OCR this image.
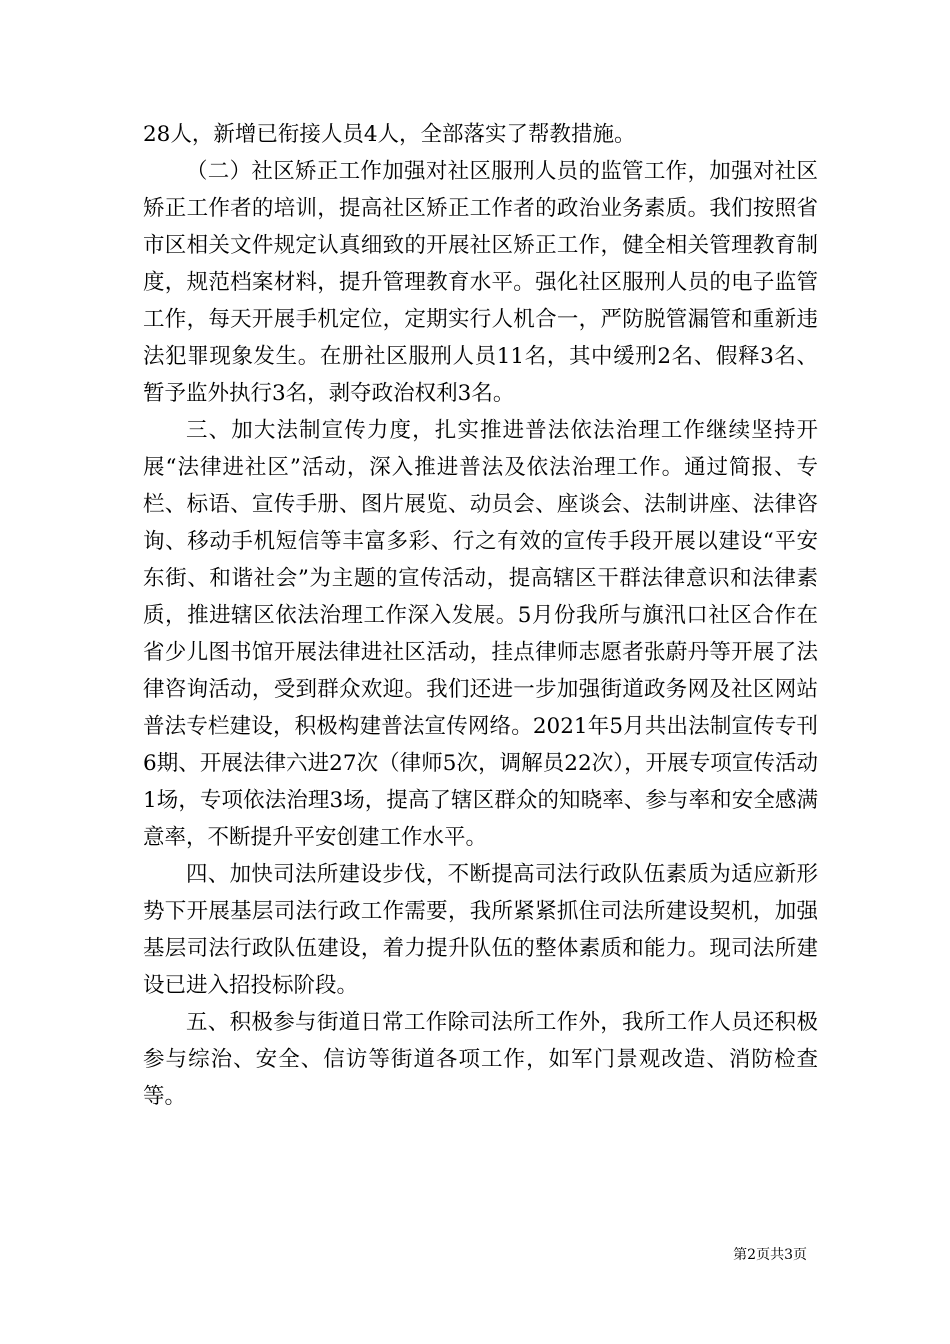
28人，新增已衔接人员4人，全部落实了帮教措施。

（二）社区矫正工作加强对社区服刑人员的监管工作，加强对社区矫正工作者的培训，提高社区矫正工作者的政治业务素质。我们按照省市区相关文件规定认真细致的开展社区矫正工作，健全相关管理教育制度，规范档案材料，提升管理教育水平。强化社区服刑人员的电子监管工作，每天开展手机定位，定期实行人机合一，严防脱管漏管和重新违法犯罪现象发生。在册社区服刑人员11名，其中缓刑2名、假释3名、暂予监外执行3名，剥夺政治权利3名。

三、加大法制宣传力度，扎实推进普法依法治理工作继续坚持开展“法律进社区”活动，深入推进普法及依法治理工作。通过简报、专栏、标语、宣传手册、图片展览、动员会、座谈会、法制讲座、法律咨询、移动手机短信等丰富多彩、行之有效的宣传手段开展以建设“平安东街、和谐社会”为主题的宣传活动，提高辖区干群法律意识和法律素质，推进辖区依法治理工作深入发展。5月份我所与旗汛口社区合作在省少儿图书馆开展法律进社区活动，挂点律师志愿者张蔚丹等开展了法律咨询活动，受到群众欢迎。我们还进一步加强街道政务网及社区网站普法专栏建设，积极构建普法宣传网络。2021年5月共出法制宣传专刊6期、开展法律六进27次（律师5次，调解员22次），开展专项宣传活动1场，专项依法治理3场，提高了辖区群众的知晓率、参与率和安全感满意率，不断提升平安创建工作水平。

四、加快司法所建设步伐，不断提高司法行政队伍素质为适应新形势下开展基层司法行政工作需要，我所紧紧抓住司法所建设契机，加强基层司法行政队伍建设，着力提升队伍的整体素质和能力。现司法所建设已进入招投标阶段。

五、积极参与街道日常工作除司法所工作外，我所工作人员还积极参与综治、安全、信访等街道各项工作，如军门景观改造、消防检查等。

第2页共3页
